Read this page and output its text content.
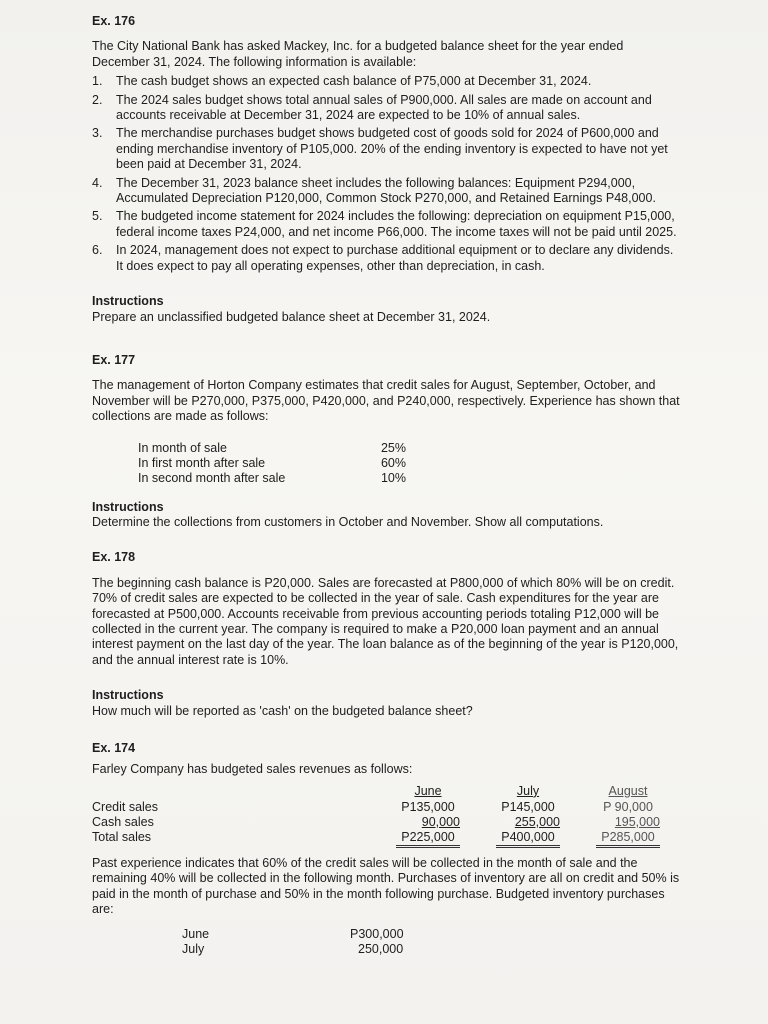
Ex. 176

The City National Bank has asked Mackey, Inc. for a budgeted balance sheet for the year ended December 31, 2024. The following information is available:

1. The cash budget shows an expected cash balance of P75,000 at December 31, 2024.
2. The 2024 sales budget shows total annual sales of P900,000. All sales are made on account and accounts receivable at December 31, 2024 are expected to be 10% of annual sales.
3. The merchandise purchases budget shows budgeted cost of goods sold for 2024 of P600,000 and ending merchandise inventory of P105,000. 20% of the ending inventory is expected to have not yet been paid at December 31, 2024.
4. The December 31, 2023 balance sheet includes the following balances: Equipment P294,000, Accumulated Depreciation P120,000, Common Stock P270,000, and Retained Earnings P48,000.
5. The budgeted income statement for 2024 includes the following: depreciation on equipment P15,000, federal income taxes P24,000, and net income P66,000. The income taxes will not be paid until 2025.
6. In 2024, management does not expect to purchase additional equipment or to declare any dividends. It does expect to pay all operating expenses, other than depreciation, in cash.

Instructions

Prepare an unclassified budgeted balance sheet at December 31, 2024.

Ex. 177

The management of Horton Company estimates that credit sales for August, September, October, and November will be P270,000, P375,000, P420,000, and P240,000, respectively. Experience has shown that collections are made as follows:

In month of sale	25%
In first month after sale	60%
In second month after sale	10%

Instructions

Determine the collections from customers in October and November. Show all computations.

Ex. 178

The beginning cash balance is P20,000. Sales are forecasted at P800,000 of which 80% will be on credit. 70% of credit sales are expected to be collected in the year of sale. Cash expenditures for the year are forecasted at P500,000. Accounts receivable from previous accounting periods totaling P12,000 will be collected in the current year. The company is required to make a P20,000 loan payment and an annual interest payment on the last day of the year. The loan balance as of the beginning of the year is P120,000, and the annual interest rate is 10%.

Instructions

How much will be reported as 'cash' on the budgeted balance sheet?

Ex. 174

Farley Company has budgeted sales revenues as follows:

June	July	August
Credit sales	P135,000	P145,000	P 90,000
Cash sales	90,000	255,000	195,000
Total sales	P225,000	P400,000	P285,000

Past experience indicates that 60% of the credit sales will be collected in the month of sale and the remaining 40% will be collected in the following month. Purchases of inventory are all on credit and 50% is paid in the month of purchase and 50% in the month following purchase. Budgeted inventory purchases are:

June	P300,000
July	250,000
